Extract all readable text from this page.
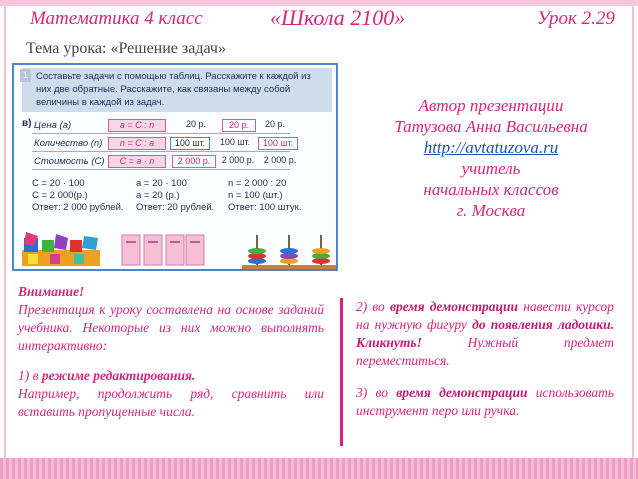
Математика 4 класс	«Школа 2100»	Урок 2.29
Тема урока: «Решение задач»
Составьте задачи с помощью таблиц. Расскажите к каждой из них две обратные. Расскажите, как связаны между собой величины в каждой из задач.
1
в) Цена (а)	a = C : n	20 р.	20 р.	20 р.
Количество (n)	n = C : a	100 шт.	100 шт.	100 шт.
Стоимость (С)	C = a · n	2 000 р.	2 000 р.	2 000 р.
С = 20 · 100
С = 2 000(р.)
Ответ: 2 000 рублей.
a = 20 · 100
a = 20 (р.)
Ответ: 20 рублей.
n = 2 000 : 20
n = 100 (шт.)
Ответ: 100 штук.
Автор презентации
Татузова Анна Васильевна
http://avtatuzova.ru
учитель
начальных классов
г. Москва
Внимание!
Презентация к уроку составлена на основе заданий учебника. Некоторые из них можно выполнять интерактивно:
1) в режиме редактирования.
Например, продолжить ряд, сравнить или вставить пропущенные числа.
2) во время демонстрации навести курсор на нужную фигуру до появления ладошки. Кликнуть! Нужный предмет переместиться.
3) во время демонстрации использовать инструмент перо или ручка.
